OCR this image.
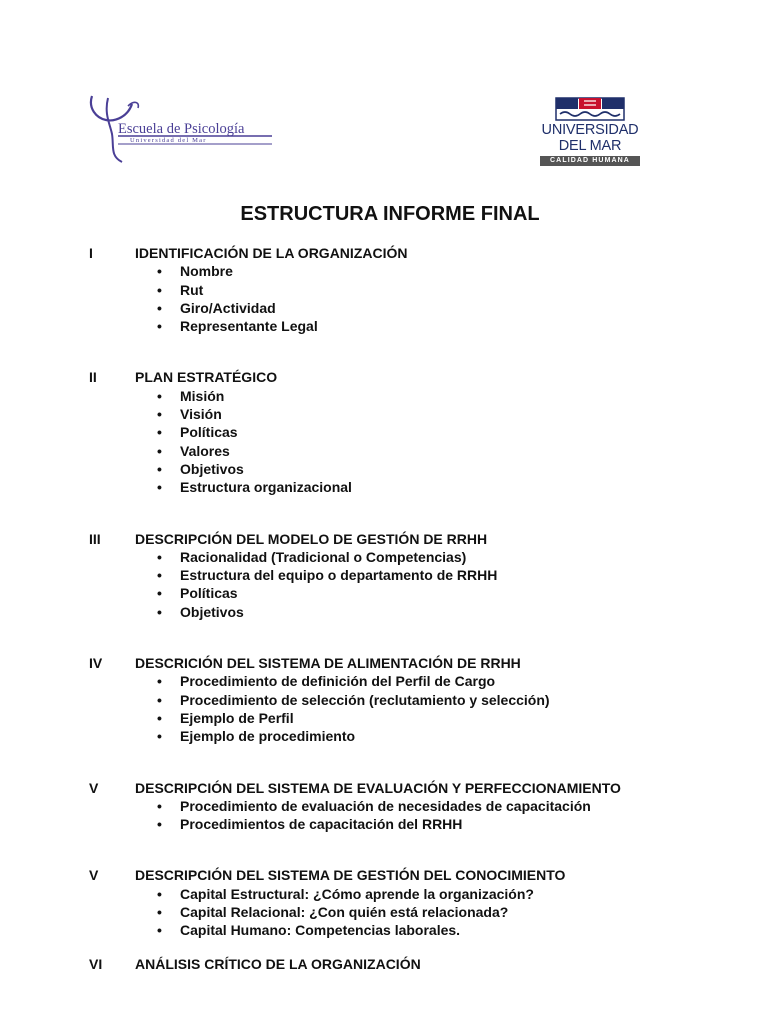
Escuela de Psicología
Universidad del Mar
UNIVERSIDAD
DEL MAR
CALIDAD HUMANA
ESTRUCTURA INFORME FINAL
I	IDENTIFICACIÓN DE LA ORGANIZACIÓN
• Nombre
• Rut
• Giro/Actividad
• Representante Legal
II	PLAN ESTRATÉGICO
• Misión
• Visión
• Políticas
• Valores
• Objetivos
• Estructura organizacional
III DESCRIPCIÓN DEL MODELO DE GESTIÓN DE RRHH
• Racionalidad (Tradicional o Competencias)
• Estructura del equipo o departamento de RRHH
• Políticas
• Objetivos
IV DESCRICIÓN DEL SISTEMA DE ALIMENTACIÓN DE RRHH
• Procedimiento de definición del Perfil de Cargo
• Procedimiento de selección (reclutamiento y selección)
• Ejemplo de Perfil
• Ejemplo de procedimiento
V	DESCRIPCIÓN DEL SISTEMA DE EVALUACIÓN Y PERFECCIONAMIENTO
• Procedimiento de evaluación de necesidades de capacitación
• Procedimientos de capacitación del RRHH
V	DESCRIPCIÓN DEL SISTEMA DE GESTIÓN DEL CONOCIMIENTO
• Capital Estructural: ¿Cómo aprende la organización?
• Capital Relacional: ¿Con quién está relacionada?
• Capital Humano: Competencias laborales.
VI ANÁLISIS CRÍTICO DE LA ORGANIZACIÓN
